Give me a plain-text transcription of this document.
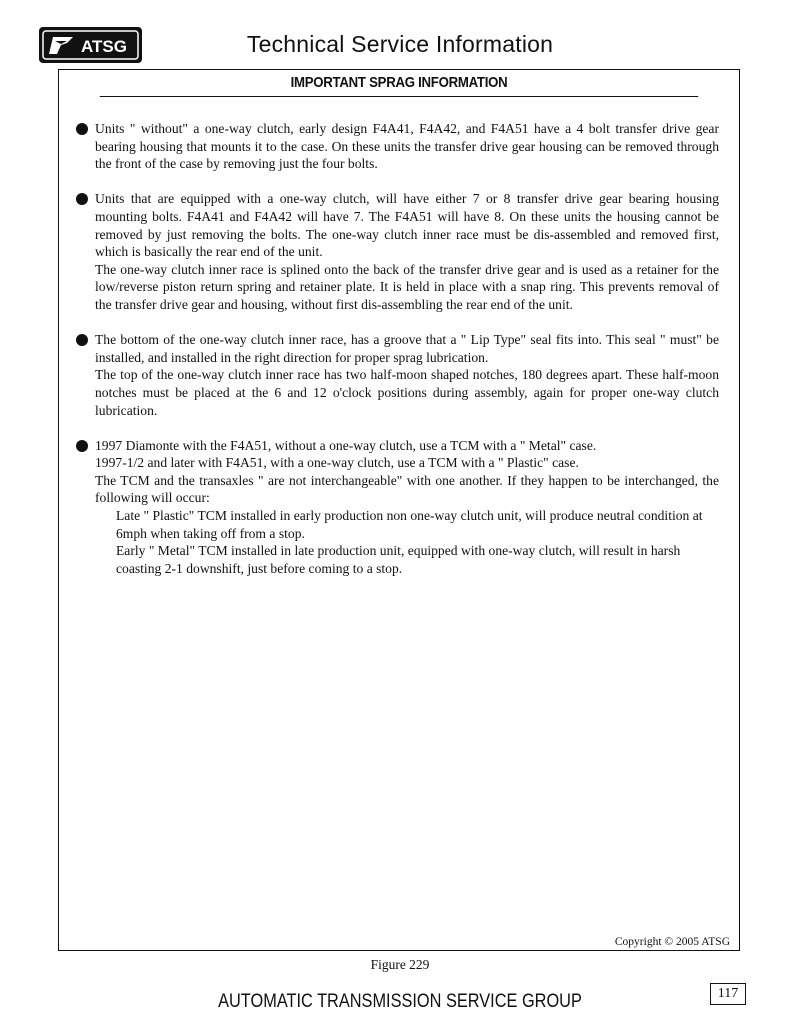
ATSG	Technical Service Information
IMPORTANT SPRAG INFORMATION
Units " without" a one-way clutch, early design F4A41, F4A42, and F4A51 have a 4 bolt transfer drive gear bearing housing that mounts it to the case. On these units the transfer drive gear housing can be removed through the front of the case by removing just the four bolts.
Units that are equipped with a one-way clutch, will have either 7 or 8 transfer drive gear bearing housing mounting bolts. F4A41 and F4A42 will have 7. The F4A51 will have 8. On these units the housing cannot be removed by just removing the bolts. The one-way clutch inner race must be dis-assembled and removed first, which is basically the rear end of the unit.
The one-way clutch inner race is splined onto the back of the transfer drive gear and is used as a retainer for the low/reverse piston return spring and retainer plate. It is held in place with a snap ring. This prevents removal of the transfer drive gear and housing, without first dis-assembling the rear end of the unit.
The bottom of the one-way clutch inner race, has a groove that a " Lip Type" seal fits into. This seal " must" be installed, and installed in the right direction for proper sprag lubrication.
The top of the one-way clutch inner race has two half-moon shaped notches, 180 degrees apart. These half-moon notches must be placed at the 6 and 12 o'clock positions during assembly, again for proper one-way clutch lubrication.
1997 Diamonte with the F4A51, without a one-way clutch, use a TCM with a " Metal" case.
1997-1/2 and later with F4A51, with a one-way clutch, use a TCM with a " Plastic" case.
The TCM and the transaxles " are not interchangeable" with one another. If they happen to be interchanged, the following will occur:
Late " Plastic" TCM installed in early production non one-way clutch unit, will produce neutral condition at 6mph when taking off from a stop.
Early " Metal" TCM installed in late production unit, equipped with one-way clutch, will result in harsh coasting 2-1 downshift, just before coming to a stop.
Copyright © 2005 ATSG
Figure 229
AUTOMATIC TRANSMISSION SERVICE GROUP	117
